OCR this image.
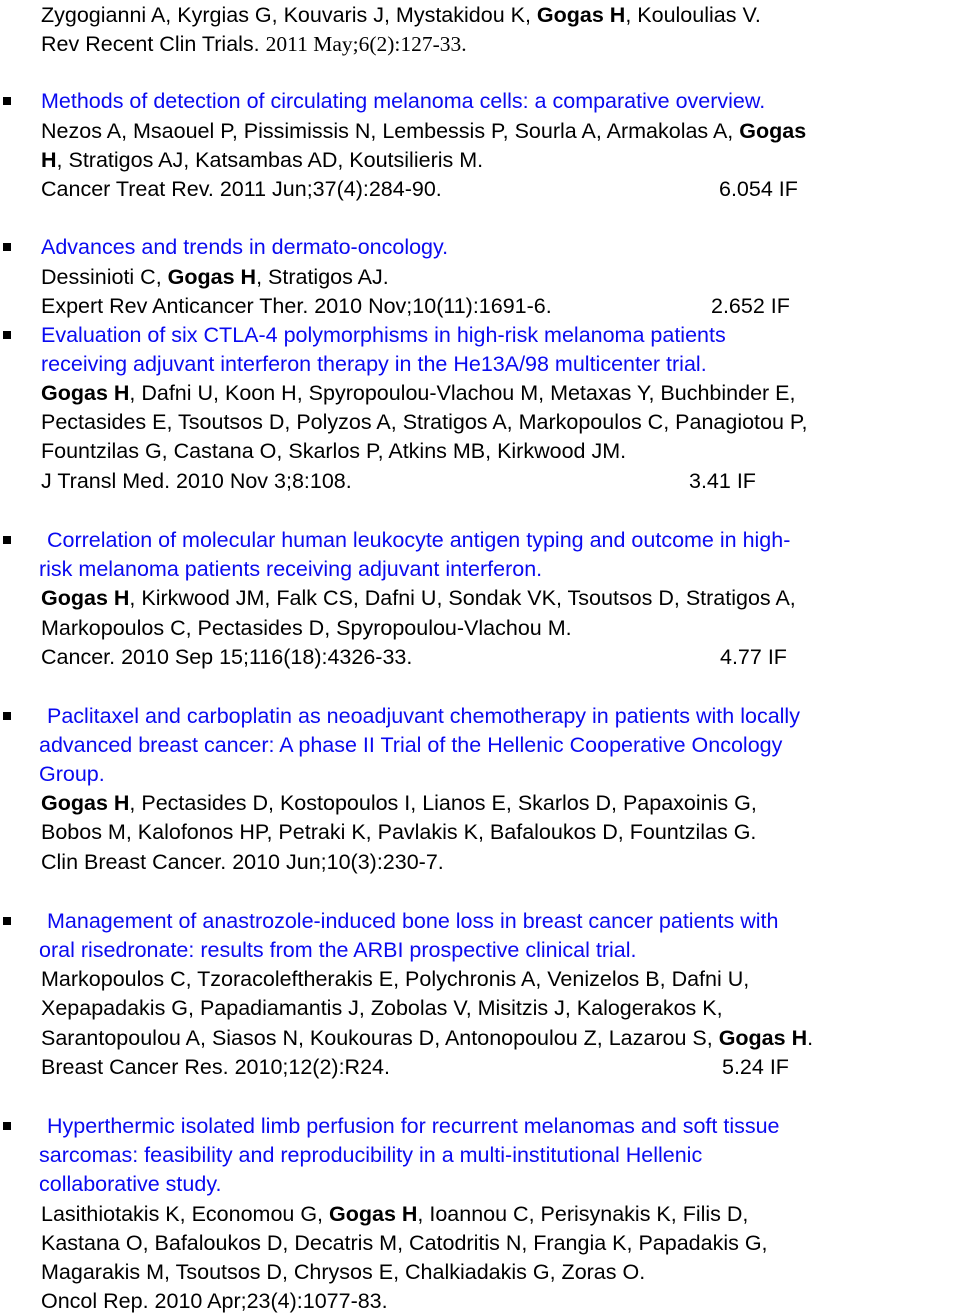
Zygogianni A, Kyrgias G, Kouvaris J, Mystakidou K, Gogas H, Kouloulias V.
Rev Recent Clin Trials. 2011 May;6(2):127-33.
Methods of detection of circulating melanoma cells: a comparative overview.
Nezos A, Msaouel P, Pissimissis N, Lembessis P, Sourla A, Armakolas A, Gogas
H, Stratigos AJ, Katsambas AD, Koutsilieris M.
Cancer Treat Rev. 2011 Jun;37(4):284-90.	6.054 IF
Advances and trends in dermato-oncology.
Dessinioti C, Gogas H, Stratigos AJ.
Expert Rev Anticancer Ther. 2010 Nov;10(11):1691-6.	2.652 IF
Evaluation of six CTLA-4 polymorphisms in high-risk melanoma patients
receiving adjuvant interferon therapy in the He13A/98 multicenter trial.
Gogas H, Dafni U, Koon H, Spyropoulou-Vlachou M, Metaxas Y, Buchbinder E,
Pectasides E, Tsoutsos D, Polyzos A, Stratigos A, Markopoulos C, Panagiotou P,
Fountzilas G, Castana O, Skarlos P, Atkins MB, Kirkwood JM.
J Transl Med. 2010 Nov 3;8:108.	3.41 IF
Correlation of molecular human leukocyte antigen typing and outcome in high-
risk melanoma patients receiving adjuvant interferon.
Gogas H, Kirkwood JM, Falk CS, Dafni U, Sondak VK, Tsoutsos D, Stratigos A,
Markopoulos C, Pectasides D, Spyropoulou-Vlachou M.
Cancer. 2010 Sep 15;116(18):4326-33.	4.77 IF
Paclitaxel and carboplatin as neoadjuvant chemotherapy in patients with locally
advanced breast cancer: A phase II Trial of the Hellenic Cooperative Oncology
Group.
Gogas H, Pectasides D, Kostopoulos I, Lianos E, Skarlos D, Papaxoinis G,
Bobos M, Kalofonos HP, Petraki K, Pavlakis K, Bafaloukos D, Fountzilas G.
Clin Breast Cancer. 2010 Jun;10(3):230-7.
Management of anastrozole-induced bone loss in breast cancer patients with
oral risedronate: results from the ARBI prospective clinical trial.
Markopoulos C, Tzoracoleftherakis E, Polychronis A, Venizelos B, Dafni U,
Xepapadakis G, Papadiamantis J, Zobolas V, Misitzis J, Kalogerakos K,
Sarantopoulou A, Siasos N, Koukouras D, Antonopoulou Z, Lazarou S, Gogas H.
Breast Cancer Res. 2010;12(2):R24.	5.24 IF
Hyperthermic isolated limb perfusion for recurrent melanomas and soft tissue
sarcomas: feasibility and reproducibility in a multi-institutional Hellenic
collaborative study.
Lasithiotakis K, Economou G, Gogas H, Ioannou C, Perisynakis K, Filis D,
Kastana O, Bafaloukos D, Decatris M, Catodritis N, Frangia K, Papadakis G,
Magarakis M, Tsoutsos D, Chrysos E, Chalkiadakis G, Zoras O.
Oncol Rep. 2010 Apr;23(4):1077-83.
